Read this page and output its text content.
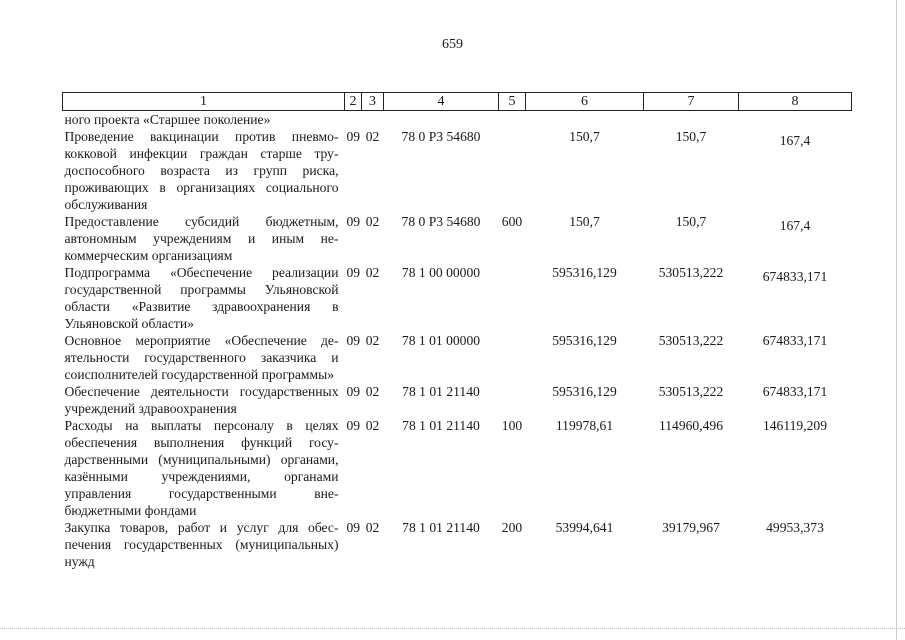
659
1	2	3	4	5	6	7	8
ного проекта «Старшее поколение»							
Проведение вакцинации против пневмококковой инфекции граждан старше трудоспособного возраста из групп риска, проживающих в организациях социального обслуживания	09	02	78 0 P3 54680		150,7	150,7	167,4
Предоставление субсидий бюджетным, автономным учреждениям и иным некоммерческим организациям	09	02	78 0 P3 54680	600	150,7	150,7	167,4
Подпрограмма «Обеспечение реализации государственной программы Ульяновской области «Развитие здравоохранения в Ульяновской области»	09	02	78 1 00 00000		595316,129	530513,222	674833,171
Основное мероприятие «Обеспечение деятельности государственного заказчика и соисполнителей государственной программы»	09	02	78 1 01 00000		595316,129	530513,222	674833,171
Обеспечение деятельности государственных учреждений здравоохранения	09	02	78 1 01 21140		595316,129	530513,222	674833,171
Расходы на выплаты персоналу в целях обеспечения выполнения функций государственными (муниципальными) органами, казёнными учреждениями, органами управления государственными внебюджетными фондами	09	02	78 1 01 21140	100	119978,61	114960,496	146119,209
Закупка товаров, работ и услуг для обеспечения государственных (муниципальных) нужд	09	02	78 1 01 21140	200	53994,641	39179,967	49953,373
